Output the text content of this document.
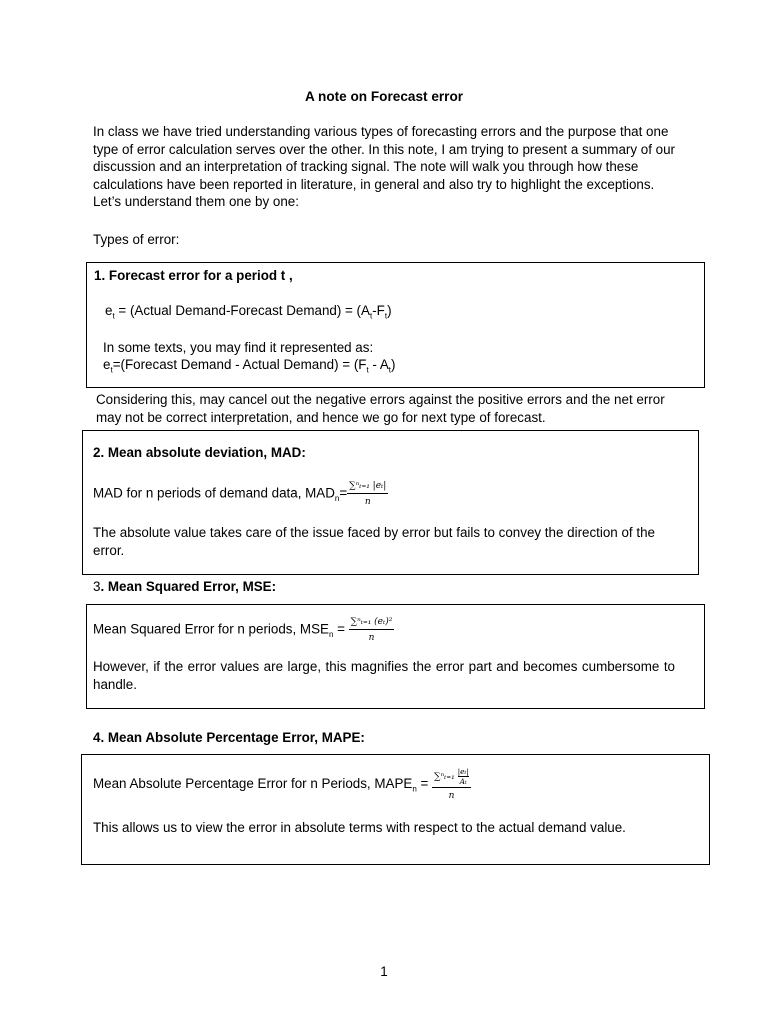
A note on Forecast error

In class we have tried understanding various types of forecasting errors and the purpose that one type of error calculation serves over the other. In this note, I am trying to present a summary of our discussion and an interpretation of tracking signal. The note will walk you through how these calculations have been reported in literature, in general and also try to highlight the exceptions. Let’s understand them one by one:

Types of error:
1. Forecast error for a period t ,
$e_t$ = (Actual Demand-Forecast Demand) = $(A_t-F_t)$
In some texts, you may find it represented as:
$e_t=(Forecast$ Demand - Actual Demand) = $(F_t - A_t)$

Considering this, may cancel out the negative errors against the positive errors and the net error may not be correct interpretation, and hence we go for next type of forecast.

2. Mean absolute deviation, MAD:
MAD for n periods of demand data, $MAD_n= \frac{\text{∑ⁿₜ₌₁ |eₜ|}}{n}$

The absolute value takes care of the issue faced by error but fails to convey the direction of the error.

3. Mean Squared Error, MSE:
Mean Squared Error for n periods, $MSE_n = \frac{\text{∑ⁿₜ₌₁ (eₜ)²}}{n}$

However, if the error values are large, this magnifies the error part and becomes cumbersome to handle.

4. Mean Absolute Percentage Error, MAPE:
Mean Absolute Percentage Error for n Periods, $MAPE_n = \frac{\sum^n_{t=1} \frac{\text{|eₜ|}}{\text{Aₜ}}}{n}$

This allows us to view the error in absolute terms with respect to the actual demand value.

1
